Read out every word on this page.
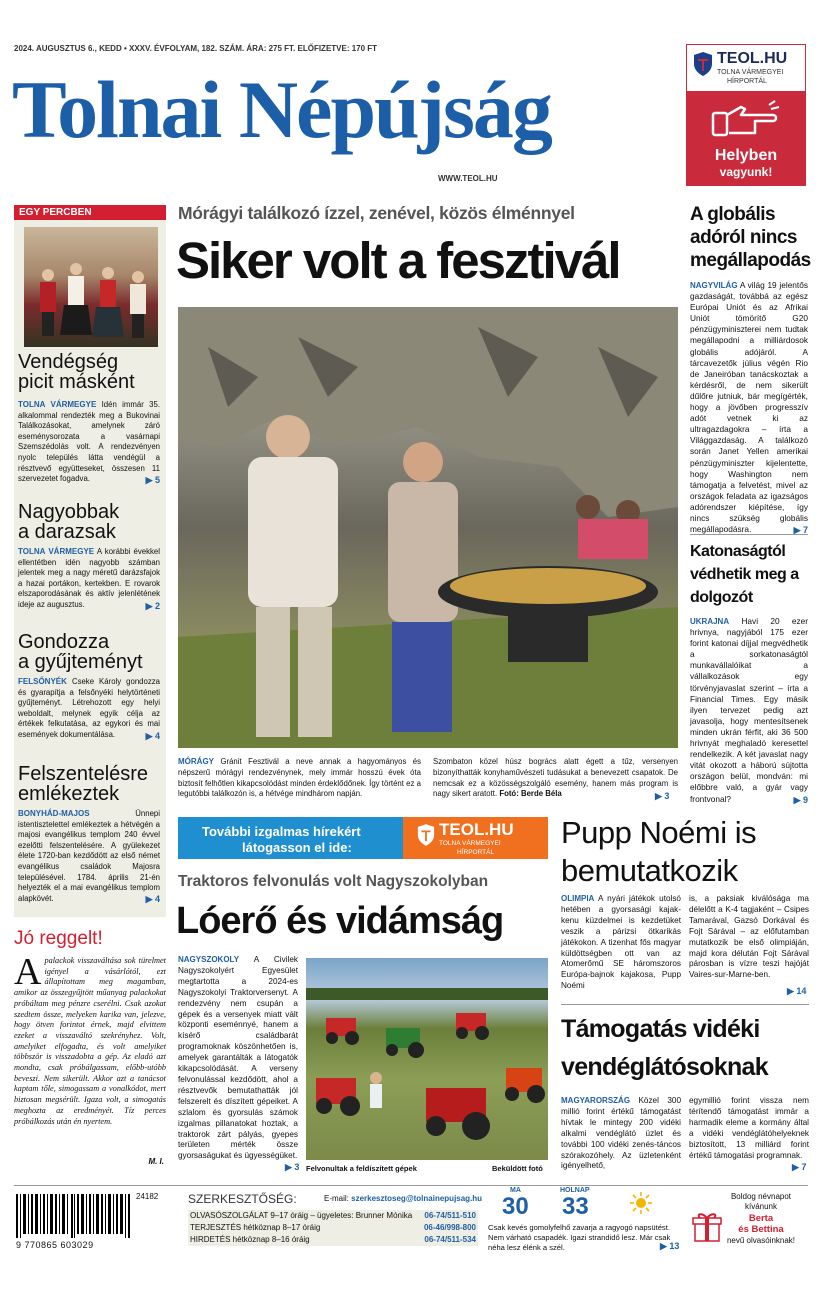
2024. AUGUSZTUS 6., KEDD • XXXV. ÉVFOLYAM, 182. SZÁM. ÁRA: 275 FT. ELŐFIZETVE: 170 FT
Tolnai Népújság
WWW.TEOL.HU
TEOL.HU
TOLNA VÁRMEGYEI
HÍRPORTÁL
Helyben
vagyunk!
EGY PERCBEN
Vendégség
picit másként

TOLNA VÁRMEGYE Idén immár 35. alkalommal rendezték meg a Bukovinai Találkozásokat, amelynek záró eseménysorozata a vasárnapi Szemszédolás volt. A rendezvényen nyolc település látta vendégül a résztvevő együtteseket, összesen 11 szervezetet fogadva.	▶ 5
Nagyobbak
a darazsak

TOLNA VÁRMEGYE A korábbi évekkel ellentétben idén nagyobb számban jelentek meg a nagy méretű darázsfajok a hazai portákon, kertekben. E rovarok elszaporodásának és aktív jelenlétének ideje az augusztus.	▶ 2
Gondozza
a gyűjteményt

FELSŐNYÉK Cseke Károly gondozza és gyarapítja a felsőnyéki helytörténeti gyűjteményt. Létrehozott egy helyi weboldalt, melynek egyik célja az értékek felkutatása, az egykori és mai események dokumentálása.	▶ 4
Felszentelésre
emlékeztek

BONYHÁD-MAJOS	Ünnepi istentisztelettel emlékeztek a hétvégén a majosi evangélikus templom 240 évvel ezelőtti felszentelésére. A gyülekezet élete 1720-ban kezdődött az első német evangélikus családok Majosra településével. 1784. április 21-én helyezték el a mai evangélikus templom alapkövét.	▶ 4
Jó reggelt!
A palackok visszaváltása sok türelmet igényel a vásárlótól, ezt állapítottam meg magamban, amikor az összegyűjtött műanyag palackokat próbáltam meg pénzre cserélni. Csak azokat szedtem össze, melyeken karika van, jelezve, hogy ötven forintot érnek, majd elvittem ezeket a visszaváltó szekrényhez. Volt, amelyiket elfogadta, és volt amelyiket többször is visszadobta a gép. Az eladó azt mondta, csak próbálgassam, előbb-utóbb beveszi. Nem sikerült. Akkor azt a tanácsot kaptam tőle, simogassam a vonalkódot, mert biztosan megsérült. Igaza volt, a simogatás meghozta az eredményét. Tíz perces próbálkozás után én nyertem.
M. I.
Mórágyi találkozó ízzel, zenével, közös élménnyel
Siker volt a fesztivál

MÓRÁGY Gránit Fesztivál a neve annak a hagyományos és népszerű mórágyi rendezvénynek, mely immár hosszú évek óta biztosít felhőtlen kikapcsolódást minden érdeklődőnek. Így történt ez a legutóbbi találkozón is, a hétvége mindhárom napján.

Szombaton közel húsz bogrács alatt égett a tűz, versenyen bizonyíthatták konyhaművészeti tudásukat a benevezett csapatok. De nemcsak ez a közösségszolgáló esemény, hanem más program is nagy sikert aratott. Fotó: Berde Béla	▶ 3
A globális adóról nincs megállapodás

NAGYVILÁG A világ 19 jelentős gazdaságát, továbbá az egész Európai Uniót és az Afrikai Uniót tömörítő G20 pénzügyminiszterei nem tudtak megállapodni a milliárdosok globális adójáról. A tárcavezetők július végén Rio de Janeiróban tanácskoztak a kérdésről, de nem sikerült dűlőre jutniuk, bár megígérték, hogy a jövőben progresszív adót vetnek ki az ultragazdagokra – írta a Világgazdaság. A találkozó során Janet Yellen amerikai pénzügyminiszter kijelentette, hogy Washington nem támogatja a felvetést, mivel az országok feladata az igazságos adórendszer kiépítése, így nincs szükség globális megállapodásra.	▶ 7
Katonaságtól védhetik meg a dolgozót

UKRAJNA Havi 20 ezer hrivnya, nagyjából 175 ezer forint katonai díjjal megvédhetik a sorkatonaságtól munkavállalóikat a vállalkozások egy törvényjavaslat szerint – írta a Financial Times. Egy másik ilyen tervezet pedig azt javasolja, hogy mentesítsenek minden ukrán férfit, aki 36 500 hrivnyát meghaladó keresettel rendelkezik. A két javaslat nagy vitát okozott a háború sújtotta országon belül, mondván: mi előbbre való, a gyár vagy frontvonal?	▶ 9
További izgalmas hírekért
látogasson el ide:
TEOL.HU
TOLNA VÁRMEGYEI
HÍRPORTÁL
Traktoros felvonulás volt Nagyszokolyban
Lóerő és vidámság

NAGYSZOKOLY A Civilek Nagyszokolyért Egyesület megtartotta a 2024-es Nagyszokolyi Traktorversenyt. A rendezvény nem csupán a gépek és a versenyek miatt vált központi eseménnyé, hanem a kísérő családbarát programoknak köszönhetően is, amelyek garantálták a látogatók kikapcsolódását. A verseny felvonulással kezdődött, ahol a résztvevők bemutathatták jól felszerelt és díszített gépeiket. A szlalom és gyorsulás számok izgalmas pillanatokat hoztak, a traktorok zárt pályás, gyepes területen mérték össze gyorsaságukat és ügyességüket.

▶ 3 Felvonultak a feldíszített gépek	Beküldött fotó
Pupp Noémi is
bemutatkozik

OLIMPIA A nyári játékok utolsó hetében a gyorsasági kajak-kenu küzdelmei is kezdetüket veszik a párizsi ötkarikás játékokon. A tizenhat fős magyar küldöttségben ott van az Atomerőmű SE háromszoros Európa-bajnok kajakosa, Pupp Noémi

is, a paksiak kiválósága ma délelőtt a K-4 tagjaként – Csipes Tamarával, Gazsó Dorkával és Fojt Sárával – az előfutamban mutatkozik be első olimpiáján, majd kora délután Fojt Sárával párosban is vízre teszi hajóját Vaires-sur-Marne-ben.

▶ 14
Támogatás vidéki
vendéglátósoknak

MAGYARORSZÁG Közel 300 millió forint értékű támogatást hívtak le mintegy 200 vidéki alkalmi vendéglátó üzlet és további 100 vidéki zenés-táncos szórakozóhely. Az üzletenként igényelhető,

egymillió forint vissza nem térítendő támogatást immár a harmadik eleme a kormány által a vidéki vendéglátóhelyeknek biztosított, 13 milliárd forint értékű támogatási programnak.

▶ 7
24182
9 770865 603029
SZERKESZTŐSÉG:	E-mail: szerkesztoseg@tolnainepujsag.hu
OLVASÓSZOLGÁLAT 9–17 óráig – ügyeletes: Brunner Mónika 06-74/511-510
TERJESZTÉS hétköznap 8–17 óráig	06-46/998-800
HIRDETÉS hétköznap 8–16 óráig	06-74/511-534
MA
30
HOLNAP
33

Csak kevés gomolyfelhő zavarja a ragyogó napsütést. Nem várható csapadék. Igazi strandidő lesz. Már csak néha lesz élénk a szél.	▶ 13
Boldog névnapot
kívánunk
Berta
és Bettina
nevű olvasóinknak!
